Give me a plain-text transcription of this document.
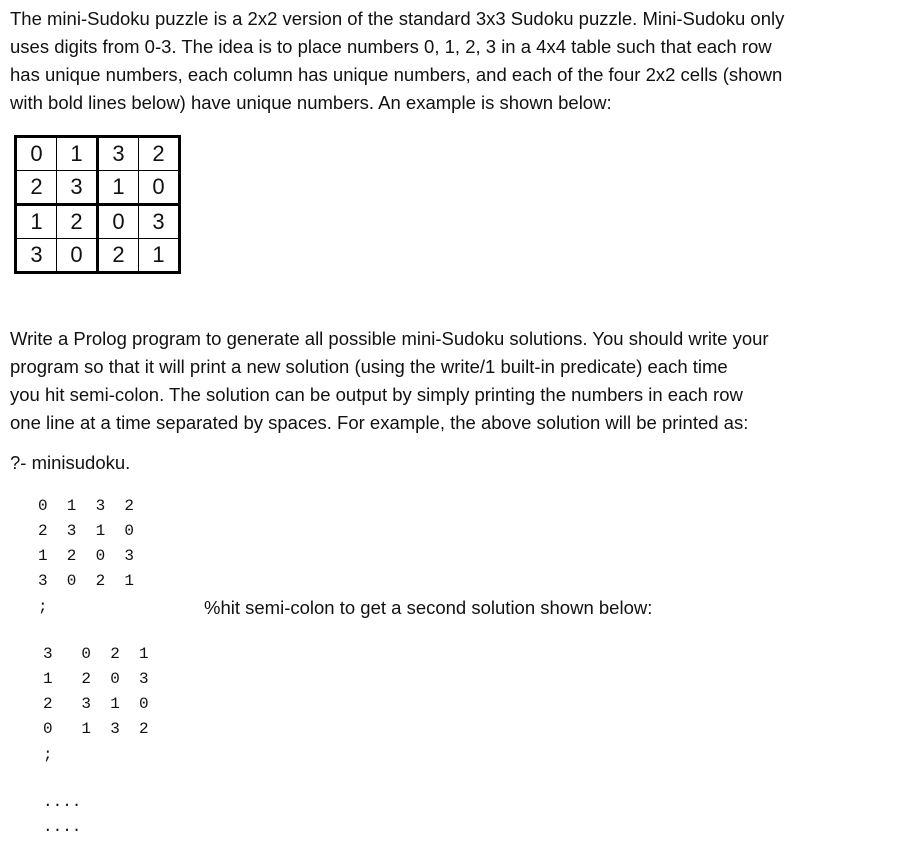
The mini-Sudoku puzzle is a 2x2 version of the standard 3x3 Sudoku puzzle. Mini-Sudoku only
uses digits from 0-3. The idea is to place numbers 0, 1, 2, 3 in a 4x4 table such that each row
has unique numbers, each column has unique numbers, and each of the four 2x2 cells (shown
with bold lines below) have unique numbers. An example is shown below:

0	1	3	2
2	3	1	0
1	2	0	3
3	0	2	1

Write a Prolog program to generate all possible mini-Sudoku solutions. You should write your
program so that it will print a new solution (using the write/1 built-in predicate) each time
you hit semi-colon. The solution can be output by simply printing the numbers in each row
one line at a time separated by spaces. For example, the above solution will be printed as:

?- minisudoku.
0  1  3  2
2  3  1  0
1  2  0  3
3  0  2  1
;	%hit semi-colon to get a second solution shown below:
3   0  2  1
1   2  0  3
2   3  1  0
0   1  3  2
;
....
....
